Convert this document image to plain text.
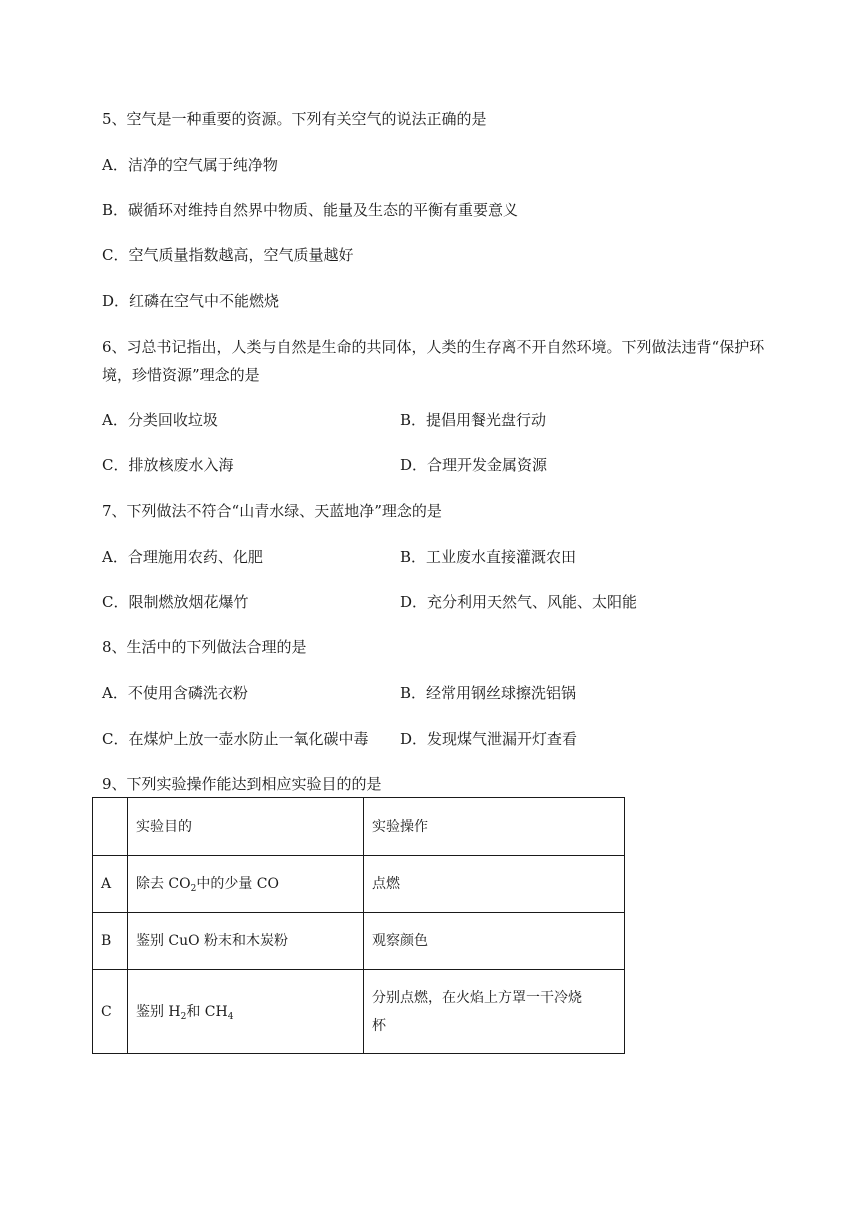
5、空气是一种重要的资源。下列有关空气的说法正确的是
A．洁净的空气属于纯净物
B．碳循环对维持自然界中物质、能量及生态的平衡有重要意义
C．空气质量指数越高，空气质量越好
D．红磷在空气中不能燃烧
6、习总书记指出，人类与自然是生命的共同体，人类的生存离不开自然环境。下列做法违背“保护环
境，珍惜资源”理念的是
A．分类回收垃圾	B．提倡用餐光盘行动
C．排放核废水入海	D．合理开发金属资源
7、下列做法不符合“山青水绿、天蓝地净”理念的是
A．合理施用农药、化肥	B．工业废水直接灌溉农田
C．限制燃放烟花爆竹	D．充分利用天然气、风能、太阳能
8、生活中的下列做法合理的是
A．不使用含磷洗衣粉	B．经常用钢丝球擦洗铝锅
C．在煤炉上放一壶水防止一氧化碳中毒 D．发现煤气泄漏开灯查看
9、下列实验操作能达到相应实验目的的是
	实验目的	实验操作
A	除去 $CO_2$中的少量 CO	点燃
B	鉴别 CuO 粉末和木炭粉	观察颜色
C	鉴别 $H_2$和 $CH_4$	分别点燃，在火焰上方罩一干冷烧
杯
